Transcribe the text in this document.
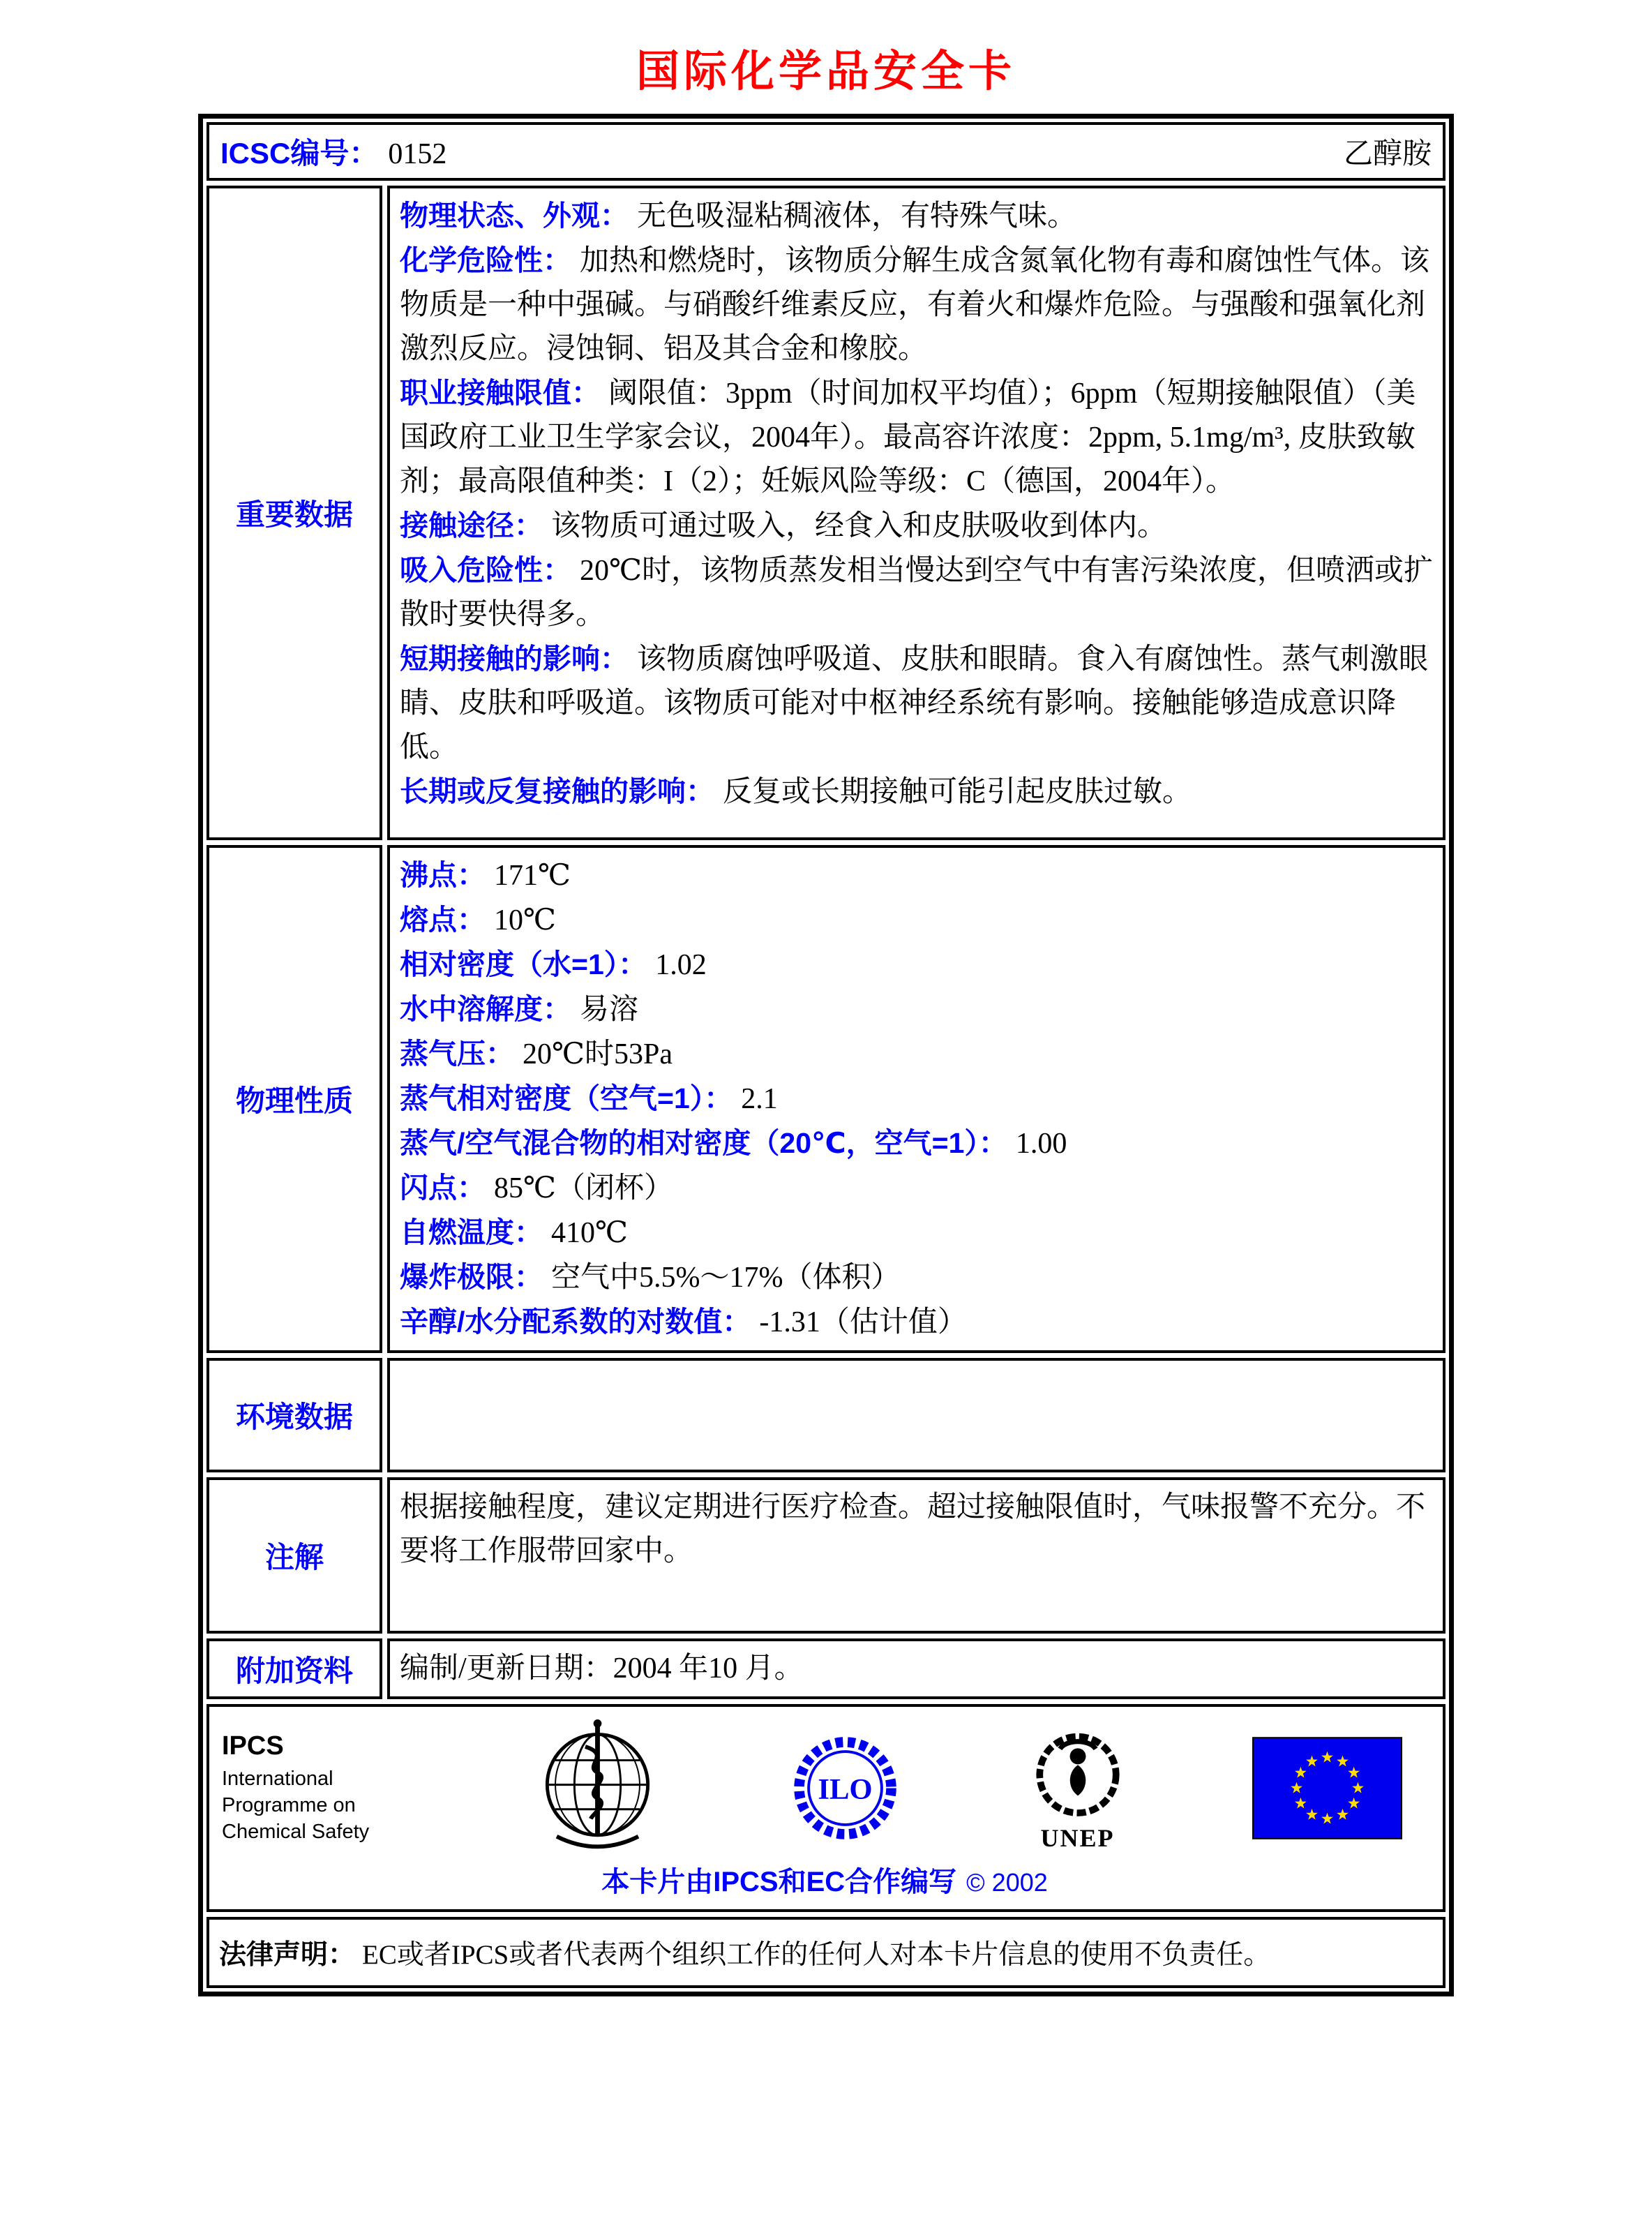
国际化学品安全卡
ICSC编号： 0152	乙醇胺
重要数据

物理状态、外观： 无色吸湿粘稠液体，有特殊气味。

化学危险性： 加热和燃烧时，该物质分解生成含氮氧化物有毒和腐蚀性气体。该物质是一种中强碱。与硝酸纤维素反应，有着火和爆炸危险。与强酸和强氧化剂激烈反应。浸蚀铜、铝及其合金和橡胶。

职业接触限值： 阈限值：3ppm（时间加权平均值）；6ppm（短期接触限值）（美国政府工业卫生学家会议，2004年）。最高容许浓度：2ppm, 5.1mg/m³, 皮肤致敏剂；最高限值种类：I（2）；妊娠风险等级：C（德国，2004年）。

接触途径： 该物质可通过吸入，经食入和皮肤吸收到体内。

吸入危险性： 20℃时，该物质蒸发相当慢达到空气中有害污染浓度，但喷洒或扩散时要快得多。

短期接触的影响： 该物质腐蚀呼吸道、皮肤和眼睛。食入有腐蚀性。蒸气刺激眼睛、皮肤和呼吸道。该物质可能对中枢神经系统有影响。接触能够造成意识降低。

长期或反复接触的影响： 反复或长期接触可能引起皮肤过敏。

物理性质

沸点： 171℃

熔点： 10℃

相对密度（水=1）： 1.02

水中溶解度： 易溶

蒸气压： 20℃时53Pa

蒸气相对密度（空气=1）： 2.1

蒸气/空气混合物的相对密度（20℃，空气=1）： 1.00

闪点： 85℃（闭杯）

自燃温度： 410℃

爆炸极限： 空气中5.5%～17%（体积）

辛醇/水分配系数的对数值： -1.31（估计值）

环境数据
注解

根据接触程度，建议定期进行医疗检查。超过接触限值时，气味报警不充分。不要将工作服带回家中。

附加资料 编制/更新日期：2004 年10 月。

IPCS
International
Programme on
Chemical Safety
ILO
UNEP
本卡片由IPCS和EC合作编写 © 2002
法律声明： EC或者IPCS或者代表两个组织工作的任何人对本卡片信息的使用不负责任。
